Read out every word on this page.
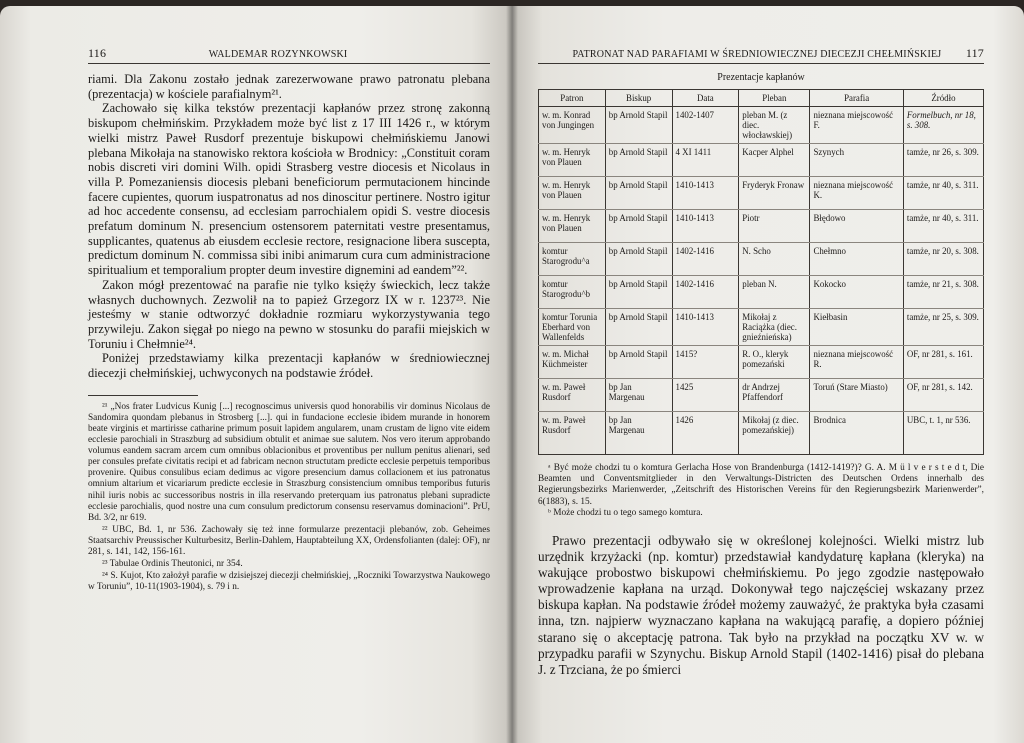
116	WALDEMAR ROZYNKOWSKI

riami. Dla Zakonu zostało jednak zarezerwowane prawo patronatu plebana (prezentacja) w kościele parafialnym²¹.

Zachowało się kilka tekstów prezentacji kapłanów przez stronę zakonną biskupom chełmińskim. Przykładem może być list z 17 III 1426 r., w którym wielki mistrz Paweł Rusdorf prezentuje biskupowi chełmińskiemu Janowi plebana Mikołaja na stanowisko rektora kościoła w Brodnicy: „Constituit coram nobis discreti viri domini Wilh. opidi Strasberg vestre diocesis et Nicolaus in villa P. Pomezaniensis diocesis plebani beneficiorum permutacionem hincinde facere cupientes, quorum iuspatronatus ad nos dinoscitur pertinere. Nostro igitur ad hoc accedente consensu, ad ecclesiam parrochialem opidi S. vestre diocesis prefatum dominum N. presencium ostensorem paternitati vestre presentamus, supplicantes, quatenus ab eiusdem ecclesie rectore, resignacione libera suscepta, predictum dominum N. commissa sibi inibi animarum cura cum administracione spiritualium et temporalium propter deum investire dignemini ad eandem”²².

Zakon mógł prezentować na parafie nie tylko księży świeckich, lecz także własnych duchownych. Zezwolił na to papież Grzegorz IX w r. 1237²³. Nie jesteśmy w stanie odtworzyć dokładnie rozmiaru wykorzystywania tego przywileju. Zakon sięgał po niego na pewno w stosunku do parafii miejskich w Toruniu i Chełmnie²⁴.

Poniżej przedstawiamy kilka prezentacji kapłanów w średniowiecznej diecezji chełmińskiej, uchwyconych na podstawie źródeł.

²¹ „Nos frater Ludvicus Kunig [...] recognoscimus universis quod honorabilis vir dominus Nicolaus de Sandomira quondam plebanus in Strosberg [...]. qui in fundacione ecclesie ibidem murande in honorem beate virginis et martirisse catharine primum posuit lapidem angularem, unam crustam de ligno vite eidem ecclesie parochiali in Straszburg ad subsidium obtulit et animae sue salutem. Nos vero iterum approbando volumus eandem sacram arcem cum omnibus oblacionibus et proventibus per nullum penitus alienari, sed per consules prefate civitatis recipi et ad fabricam necnon structutam predicte ecclesie perpetuis temporibus provenire. Quibus consulibus eciam dedimus ac vigore presencium damus collacionem et ius patronatus omnium altarium et vicariarum predicte ecclesie in Straszburg consistencium omnibus temporibus futuris nihil iuris nobis ac successoribus nostris in illa reservando preterquam ius patronatus plebani supradicte ecclesie parochialis, quod nostre una cum consulum predictorum consensu reservamus dominacioni”. PrU, Bd. 3/2, nr 619.

²² UBC, Bd. 1, nr 536. Zachowały się też inne formularze prezentacji plebanów, zob. Geheimes Staatsarchiv Preussischer Kulturbesitz, Berlin-Dahlem, Hauptabteilung XX, Ordensfolianten (dalej: OF), nr 281, s. 141, 142, 156-161.

²³ Tabulae Ordinis Theutonici, nr 354.

²⁴ S. Kujot, Kto założył parafie w dzisiejszej diecezji chełmińskiej, „Roczniki Towarzystwa Naukowego w Toruniu”, 10-11(1903-1904), s. 79 i n.

PATRONAT NAD PARAFIAMI W ŚREDNIOWIECZNEJ DIECEZJI CHEŁMIŃSKIEJ	117
Prezentacje kapłanów
Patron	Biskup	Data	Pleban	Parafia	Źródło
w. m. Konrad von Jungingen	bp Arnold Stapil	1402-1407	pleban M. (z diec. włocławskiej)	nieznana miejscowość F.	Formelbuch, nr 18, s. 308.
w. m. Henryk von Plauen	bp Arnold Stapil	4 XI 1411	Kacper Alphel	Szynych	tamże, nr 26, s. 309.
w. m. Henryk von Plauen	bp Arnold Stapil	1410-1413	Fryderyk Fronaw	nieznana miejscowość K.	tamże, nr 40, s. 311.
w. m. Henryk von Plauen	bp Arnold Stapil	1410-1413	Piotr	Błędowo	tamże, nr 40, s. 311.
komtur Starogrodu^a	bp Arnold Stapil	1402-1416	N. Scho	Chełmno	tamże, nr 20, s. 308.
komtur Starogrodu^b	bp Arnold Stapil	1402-1416	pleban N.	Kokocko	tamże, nr 21, s. 308.
komtur Torunia Eberhard von Wallenfelds	bp Arnold Stapil	1410-1413	Mikołaj z Raciążka (diec. gnieźnieńska)	Kiełbasin	tamże, nr 25, s. 309.
w. m. Michał Küchmeister	bp Arnold Stapil	1415?	R. O., kleryk pomezański	nieznana miejscowość R.	OF, nr 281, s. 161.
w. m. Paweł Rusdorf	bp Jan Margenau	1425	dr Andrzej Pfaffendorf	Toruń (Stare Miasto)	OF, nr 281, s. 142.
w. m. Paweł Rusdorf	bp Jan Margenau	1426	Mikołaj (z diec. pomezańskiej)	Brodnica	UBC, t. 1, nr 536.

ᵃ Być może chodzi tu o komtura Gerlacha Hose von Brandenburga (1412-1419?)? G. A. M ü l v e r s t e d t, Die Beamten und Conventsmitglieder in den Verwaltungs-Districten des Deutschen Ordens innerhalb des Regierungsbezirks Marienwerder, „Zeitschrift des Historischen Vereins für den Regierungsbezirk Marienwerder”, 6(1883), s. 15.

ᵇ Może chodzi tu o tego samego komtura.

Prawo prezentacji odbywało się w określonej kolejności. Wielki mistrz lub urzędnik krzyżacki (np. komtur) przedstawiał kandydaturę kapłana (kleryka) na wakujące probostwo biskupowi chełmińskiemu. Po jego zgodzie następowało wprowadzenie kapłana na urząd. Dokonywał tego najczęściej wskazany przez biskupa kapłan. Na podstawie źródeł możemy zauważyć, że praktyka była czasami inna, tzn. najpierw wyznaczano kapłana na wakującą parafię, a dopiero później starano się o akceptację patrona. Tak było na przykład na początku XV w. w przypadku parafii w Szynychu. Biskup Arnold Stapil (1402-1416) pisał do plebana J. z Trzciana, że po śmierci
